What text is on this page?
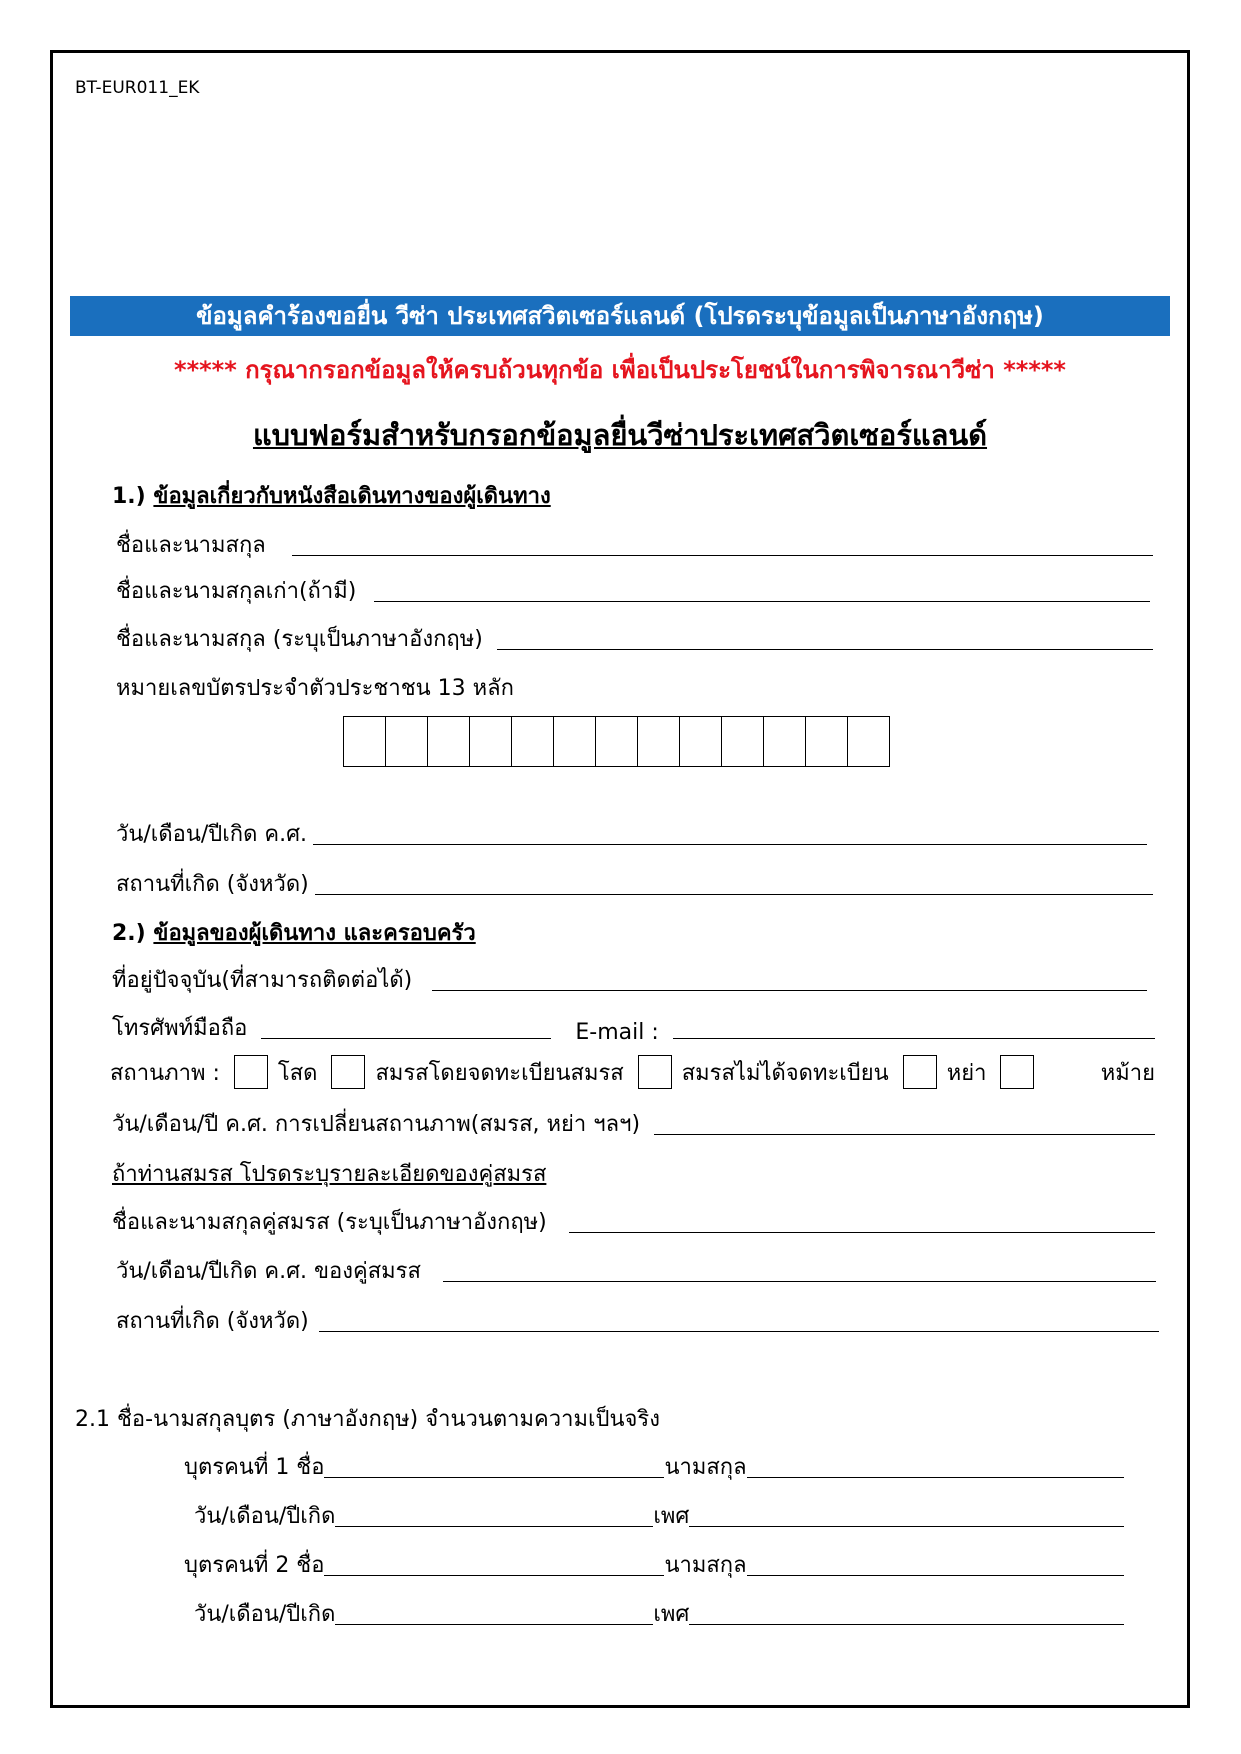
BT-EUR011_EK
ข้อมูลคำร้องขอยื่น วีซ่า ประเทศสวิตเซอร์แลนด์ (โปรดระบุข้อมูลเป็นภาษาอังกฤษ)
***** กรุณากรอกข้อมูลให้ครบถ้วนทุกข้อ เพื่อเป็นประโยชน์ในการพิจารณาวีซ่า *****
แบบฟอร์มสำหรับกรอกข้อมูลยื่นวีซ่าประเทศสวิตเซอร์แลนด์
1.) ข้อมูลเกี่ยวกับหนังสือเดินทางของผู้เดินทาง
ชื่อและนามสกุล
ชื่อและนามสกุลเก่า(ถ้ามี)
ชื่อและนามสกุล (ระบุเป็นภาษาอังกฤษ)
หมายเลขบัตรประจำตัวประชาชน 13 หลัก
วัน/เดือน/ปีเกิด ค.ศ.
สถานที่เกิด (จังหวัด)
2.) ข้อมูลของผู้เดินทาง และครอบครัว
ที่อยู่ปัจจุบัน(ที่สามารถติดต่อได้)
โทรศัพท์มือถือ	E-mail :
สถานภาพ :	โสด	สมรสโดยจดทะเบียนสมรส	สมรสไม่ได้จดทะเบียน	หย่า	หม้าย
วัน/เดือน/ปี ค.ศ. การเปลี่ยนสถานภาพ(สมรส, หย่า ฯลฯ)
ถ้าท่านสมรส โปรดระบุรายละเอียดของคู่สมรส
ชื่อและนามสกุลคู่สมรส (ระบุเป็นภาษาอังกฤษ)
วัน/เดือน/ปีเกิด ค.ศ. ของคู่สมรส
สถานที่เกิด (จังหวัด)
2.1 ชื่อ-นามสกุลบุตร (ภาษาอังกฤษ) จำนวนตามความเป็นจริง
บุตรคนที่ 1 ชื่อ	นามสกุล
วัน/เดือน/ปีเกิด	เพศ
บุตรคนที่ 2 ชื่อ	นามสกุล
วัน/เดือน/ปีเกิด	เพศ
